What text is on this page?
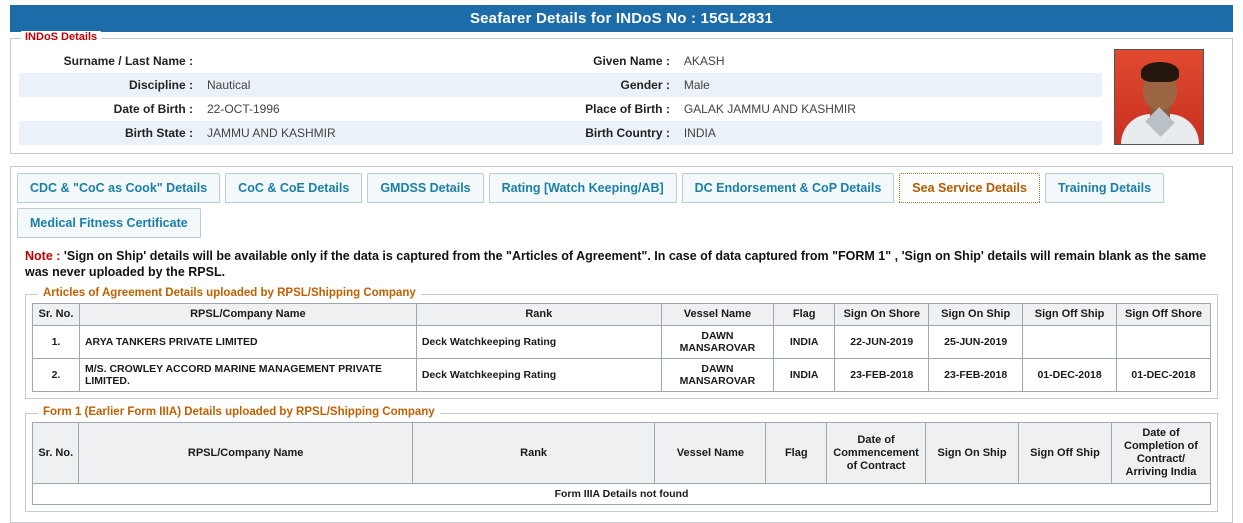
Seafarer Details for INDoS No : 15GL2831
INDoS Details
Surname / Last Name :		Given Name :	AKASH
Discipline :	Nautical	Gender :	Male
Date of Birth :	22-OCT-1996	Place of Birth :	GALAK JAMMU AND KASHMIR
Birth State :	JAMMU AND KASHMIR	Birth Country :	INDIA
CDC & "CoC as Cook" Details	CoC & CoE Details	GMDSS Details	Rating [Watch Keeping/AB]	DC Endorsement & CoP Details	Sea Service Details	Training Details
Medical Fitness Certificate
Note : 'Sign on Ship' details will be available only if the data is captured from the "Articles of Agreement". In case of data captured from "FORM 1" , 'Sign on Ship' details will remain blank as the same was never uploaded by the RPSL.
Articles of Agreement Details uploaded by RPSL/Shipping Company
Sr. No.	RPSL/Company Name	Rank	Vessel Name	Flag	Sign On Shore	Sign On Ship	Sign Off Ship	Sign Off Shore
1.	ARYA TANKERS PRIVATE LIMITED	Deck Watchkeeping Rating	DAWN MANSAROVAR	INDIA	22-JUN-2019	25-JUN-2019		
2.	M/S. CROWLEY ACCORD MARINE MANAGEMENT PRIVATE LIMITED.	Deck Watchkeeping Rating	DAWN MANSAROVAR	INDIA	23-FEB-2018	23-FEB-2018	01-DEC-2018	01-DEC-2018
Form 1 (Earlier Form IIIA) Details uploaded by RPSL/Shipping Company
Sr. No.	RPSL/Company Name	Rank	Vessel Name	Flag	Date of Commencement of Contract	Sign On Ship	Sign Off Ship	Date of Completion of Contract/ Arriving India
Form IIIA Details not found
